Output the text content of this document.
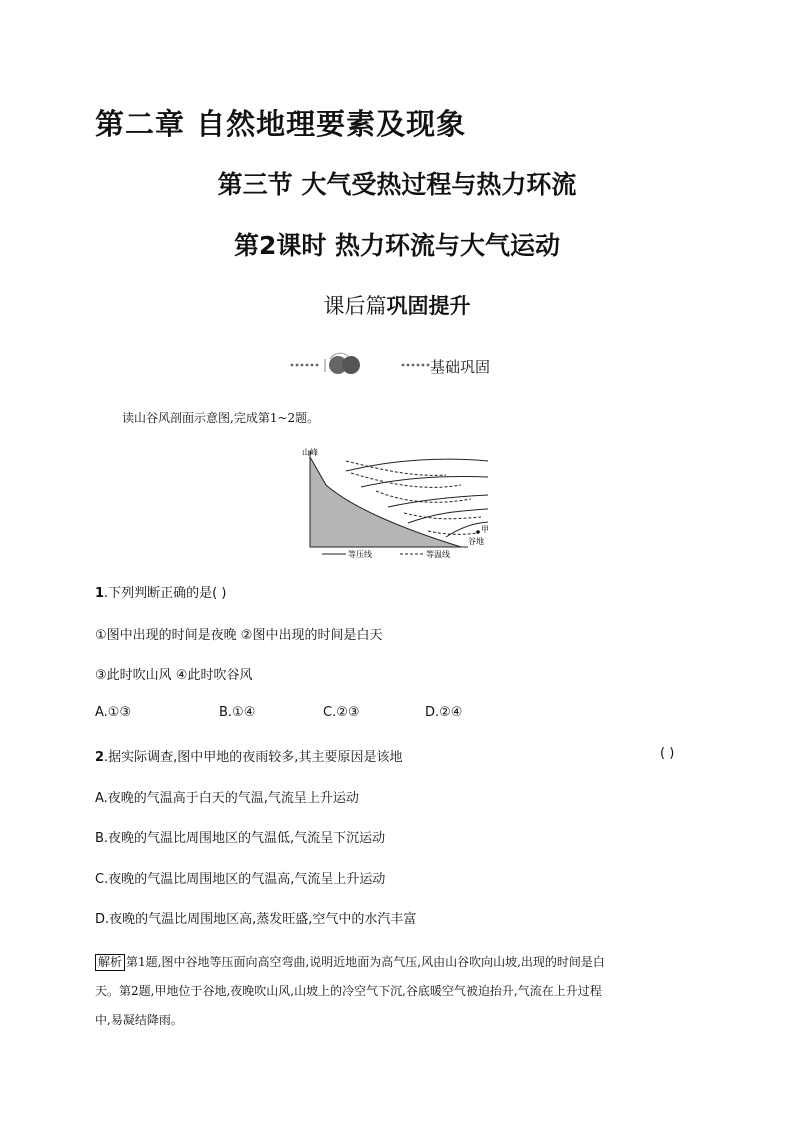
第二章 自然地理要素及现象
第三节 大气受热过程与热力环流
第2课时 热力环流与大气运动
课后篇巩固提升
基础巩固
读山谷风剖面示意图,完成第1~2题。
山峰
甲
谷地
等压线	等温线
1.下列判断正确的是( )
①图中出现的时间是夜晚 ②图中出现的时间是白天
③此时吹山风 ④此时吹谷风
A.①③	B.①④	C.②③	D.②④
2.据实际调查,图中甲地的夜雨较多,其主要原因是该地	( )
A.夜晚的气温高于白天的气温,气流呈上升运动
B.夜晚的气温比周围地区的气温低,气流呈下沉运动
C.夜晚的气温比周围地区的气温高,气流呈上升运动
D.夜晚的气温比周围地区高,蒸发旺盛,空气中的水汽丰富
解析 第1题,图中谷地等压面向高空弯曲,说明近地面为高气压,风由山谷吹向山坡,出现的时间是白
天。第2题,甲地位于谷地,夜晚吹山风,山坡上的冷空气下沉,谷底暖空气被迫抬升,气流在上升过程
中,易凝结降雨。
